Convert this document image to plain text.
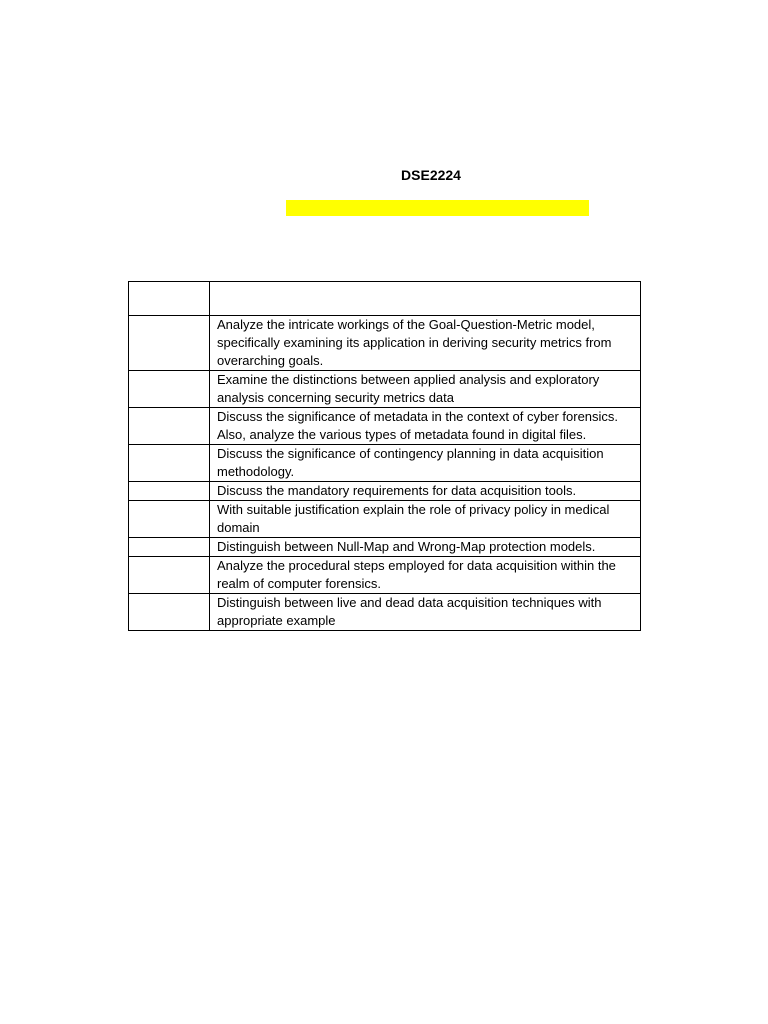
DSE2224

	Analyze the intricate workings of the Goal-Question-Metric model, specifically examining its application in deriving security metrics from overarching goals.
	Examine the distinctions between applied analysis and exploratory analysis concerning security metrics data
	Discuss the significance of metadata in the context of cyber forensics. Also, analyze the various types of metadata found in digital files.
	Discuss the significance of contingency planning in data acquisition methodology.
	Discuss the mandatory requirements for data acquisition tools.
	With suitable justification explain the role of privacy policy in medical domain
	Distinguish between Null-Map and Wrong-Map protection models.
	Analyze the procedural steps employed for data acquisition within the realm of computer forensics.
	Distinguish between live and dead data acquisition techniques with appropriate example
